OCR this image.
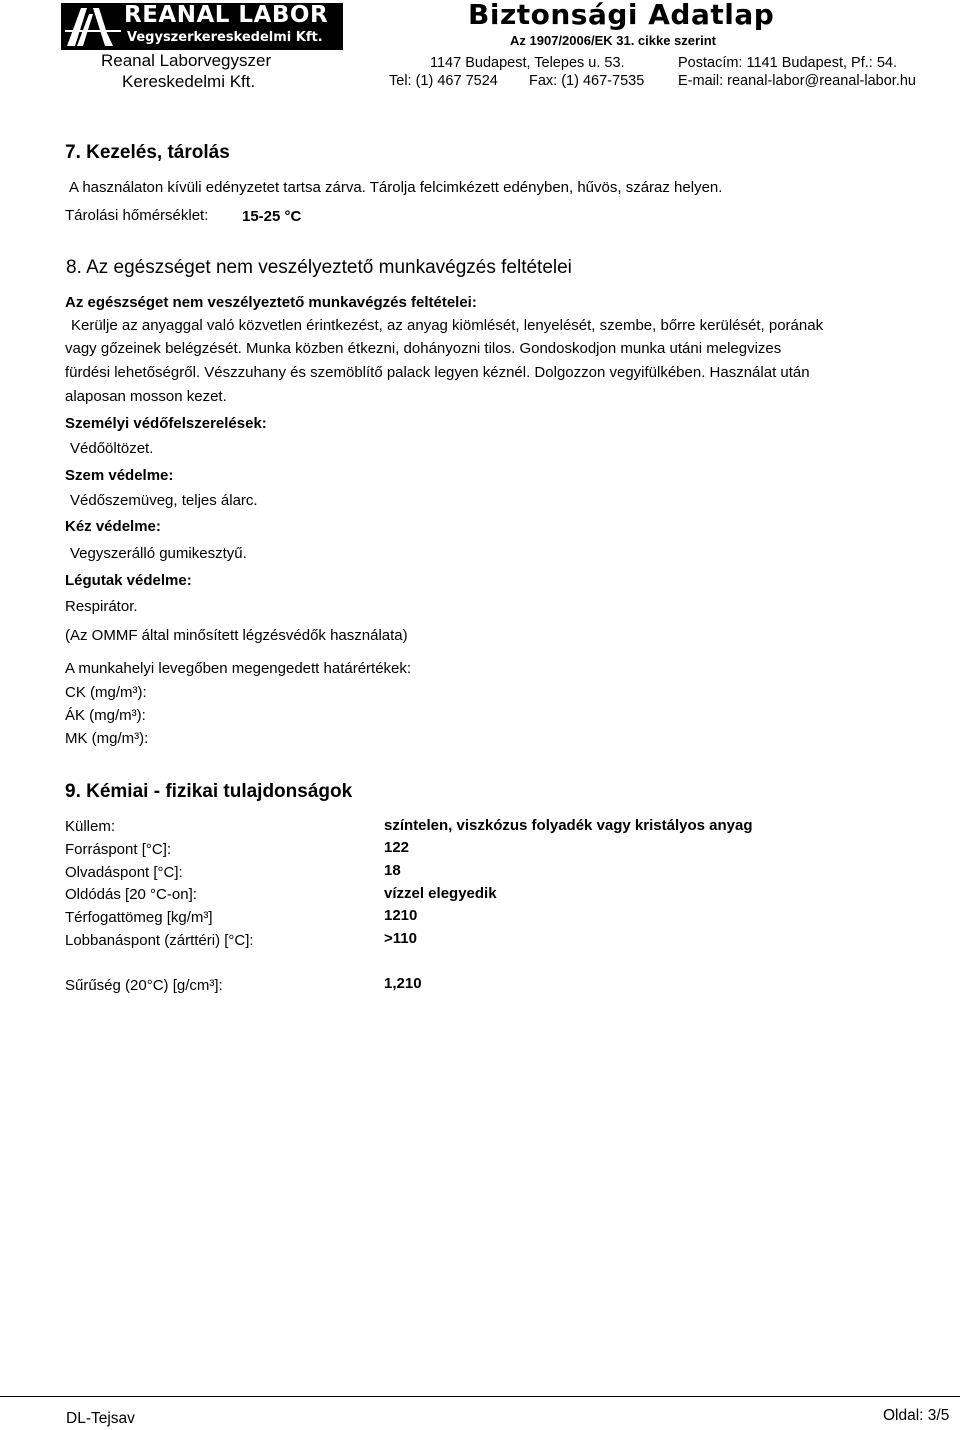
REANAL LABOR
Vegyszerkereskedelmi Kft.
Reanal Laborvegyszer
Kereskedelmi Kft.
Biztonsági Adatlap
Az 1907/2006/EK 31. cikke szerint
1147 Budapest, Telepes u. 53.	Postacím: 1141 Budapest, Pf.: 54.
Tel: (1) 467 7524 Fax: (1) 467-7535 E-mail: reanal-labor@reanal-labor.hu
7. Kezelés, tárolás
A használaton kívüli edényzetet tartsa zárva. Tárolja felcimkézett edényben, hűvös, száraz helyen.
Tárolási hőmérséklet: 15-25 °C
8. Az egészséget nem veszélyeztető munkavégzés feltételei
Az egészséget nem veszélyeztető munkavégzés feltételei:
Kerülje az anyaggal való közvetlen érintkezést, az anyag kiömlését, lenyelését, szembe, bőrre kerülését, porának
vagy gőzeinek belégzését. Munka közben étkezni, dohányozni tilos. Gondoskodjon munka utáni melegvizes
fürdési lehetőségről. Vészzuhany és szemöblítő palack legyen kéznél. Dolgozzon vegyifülkében. Használat után
alaposan mosson kezet.
Személyi védőfelszerelések:
Védőöltözet.
Szem védelme:
Védőszemüveg, teljes álarc.
Kéz védelme:
Vegyszerálló gumikesztyű.
Légutak védelme:
Respirátor.
(Az OMMF által minősített légzésvédők használata)
A munkahelyi levegőben megengedett határértékek:
CK (mg/m³):
ÁK (mg/m³):
MK (mg/m³):
9. Kémiai - fizikai tulajdonságok
Küllem:	színtelen, viszkózus folyadék vagy kristályos anyag
Forráspont [°C]:	122
Olvadáspont [°C]:	18
Oldódás [20 °C-on]:	vízzel elegyedik
Térfogattömeg [kg/m³]	1210
Lobbanáspont (zárttéri) [°C]:	>110
Sűrűség (20°C) [g/cm³]:	1,210
DL-Tejsav	Oldal: 3/5
